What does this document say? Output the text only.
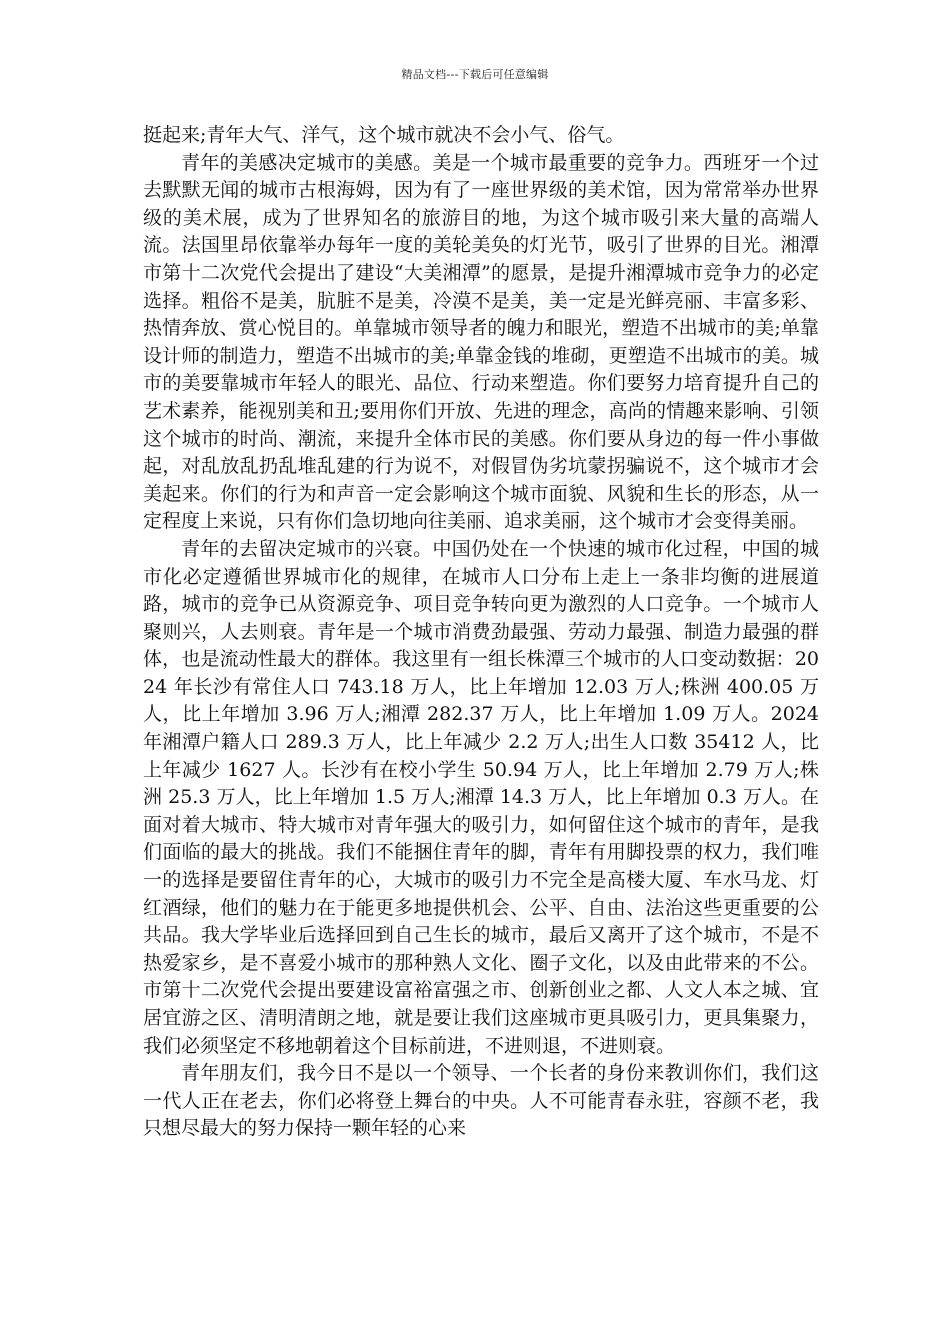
精品文档---下载后可任意编辑

挺起来;青年大气、洋气，这个城市就决不会小气、俗气。

青年的美感决定城市的美感。美是一个城市最重要的竞争力。西班牙一个过去默默无闻的城市古根海姆，因为有了一座世界级的美术馆，因为常常举办世界级的美术展，成为了世界知名的旅游目的地，为这个城市吸引来大量的高端人流。法国里昂依靠举办每年一度的美轮美奂的灯光节，吸引了世界的目光。湘潭市第十二次党代会提出了建设“大美湘潭”的愿景，是提升湘潭城市竞争力的必定选择。粗俗不是美，肮脏不是美，冷漠不是美，美一定是光鲜亮丽、丰富多彩、热情奔放、赏心悦目的。单靠城市领导者的魄力和眼光，塑造不出城市的美;单靠设计师的制造力，塑造不出城市的美;单靠金钱的堆砌，更塑造不出城市的美。城市的美要靠城市年轻人的眼光、品位、行动来塑造。你们要努力培育提升自己的艺术素养，能视别美和丑;要用你们开放、先进的理念，高尚的情趣来影响、引领这个城市的时尚、潮流，来提升全体市民的美感。你们要从身边的每一件小事做起，对乱放乱扔乱堆乱建的行为说不，对假冒伪劣坑蒙拐骗说不，这个城市才会美起来。你们的行为和声音一定会影响这个城市面貌、风貌和生长的形态，从一定程度上来说，只有你们急切地向往美丽、追求美丽，这个城市才会变得美丽。

青年的去留决定城市的兴衰。中国仍处在一个快速的城市化过程，中国的城市化必定遵循世界城市化的规律，在城市人口分布上走上一条非均衡的进展道路，城市的竞争已从资源竞争、项目竞争转向更为激烈的人口竞争。一个城市人聚则兴，人去则衰。青年是一个城市消费劲最强、劳动力最强、制造力最强的群体，也是流动性最大的群体。我这里有一组长株潭三个城市的人口变动数据：2024 年长沙有常住人口 743.18 万人，比上年增加 12.03 万人;株洲 400.05 万人，比上年增加 3.96 万人;湘潭 282.37 万人，比上年增加 1.09 万人。2024 年湘潭户籍人口 289.3 万人，比上年减少 2.2 万人;出生人口数 35412 人，比上年减少 1627 人。长沙有在校小学生 50.94 万人，比上年增加 2.79 万人;株洲 25.3 万人，比上年增加 1.5 万人;湘潭 14.3 万人，比上年增加 0.3 万人。在面对着大城市、特大城市对青年强大的吸引力，如何留住这个城市的青年，是我们面临的最大的挑战。我们不能捆住青年的脚，青年有用脚投票的权力，我们唯一的选择是要留住青年的心，大城市的吸引力不完全是高楼大厦、车水马龙、灯红酒绿，他们的魅力在于能更多地提供机会、公平、自由、法治这些更重要的公共品。我大学毕业后选择回到自己生长的城市，最后又离开了这个城市，不是不热爱家乡，是不喜爱小城市的那种熟人文化、圈子文化，以及由此带来的不公。市第十二次党代会提出要建设富裕富强之市、创新创业之都、人文人本之城、宜居宜游之区、清明清朗之地，就是要让我们这座城市更具吸引力，更具集聚力，我们必须坚定不移地朝着这个目标前进，不进则退，不进则衰。

青年朋友们，我今日不是以一个领导、一个长者的身份来教训你们，我们这一代人正在老去，你们必将登上舞台的中央。人不可能青春永驻，容颜不老，我只想尽最大的努力保持一颗年轻的心来
